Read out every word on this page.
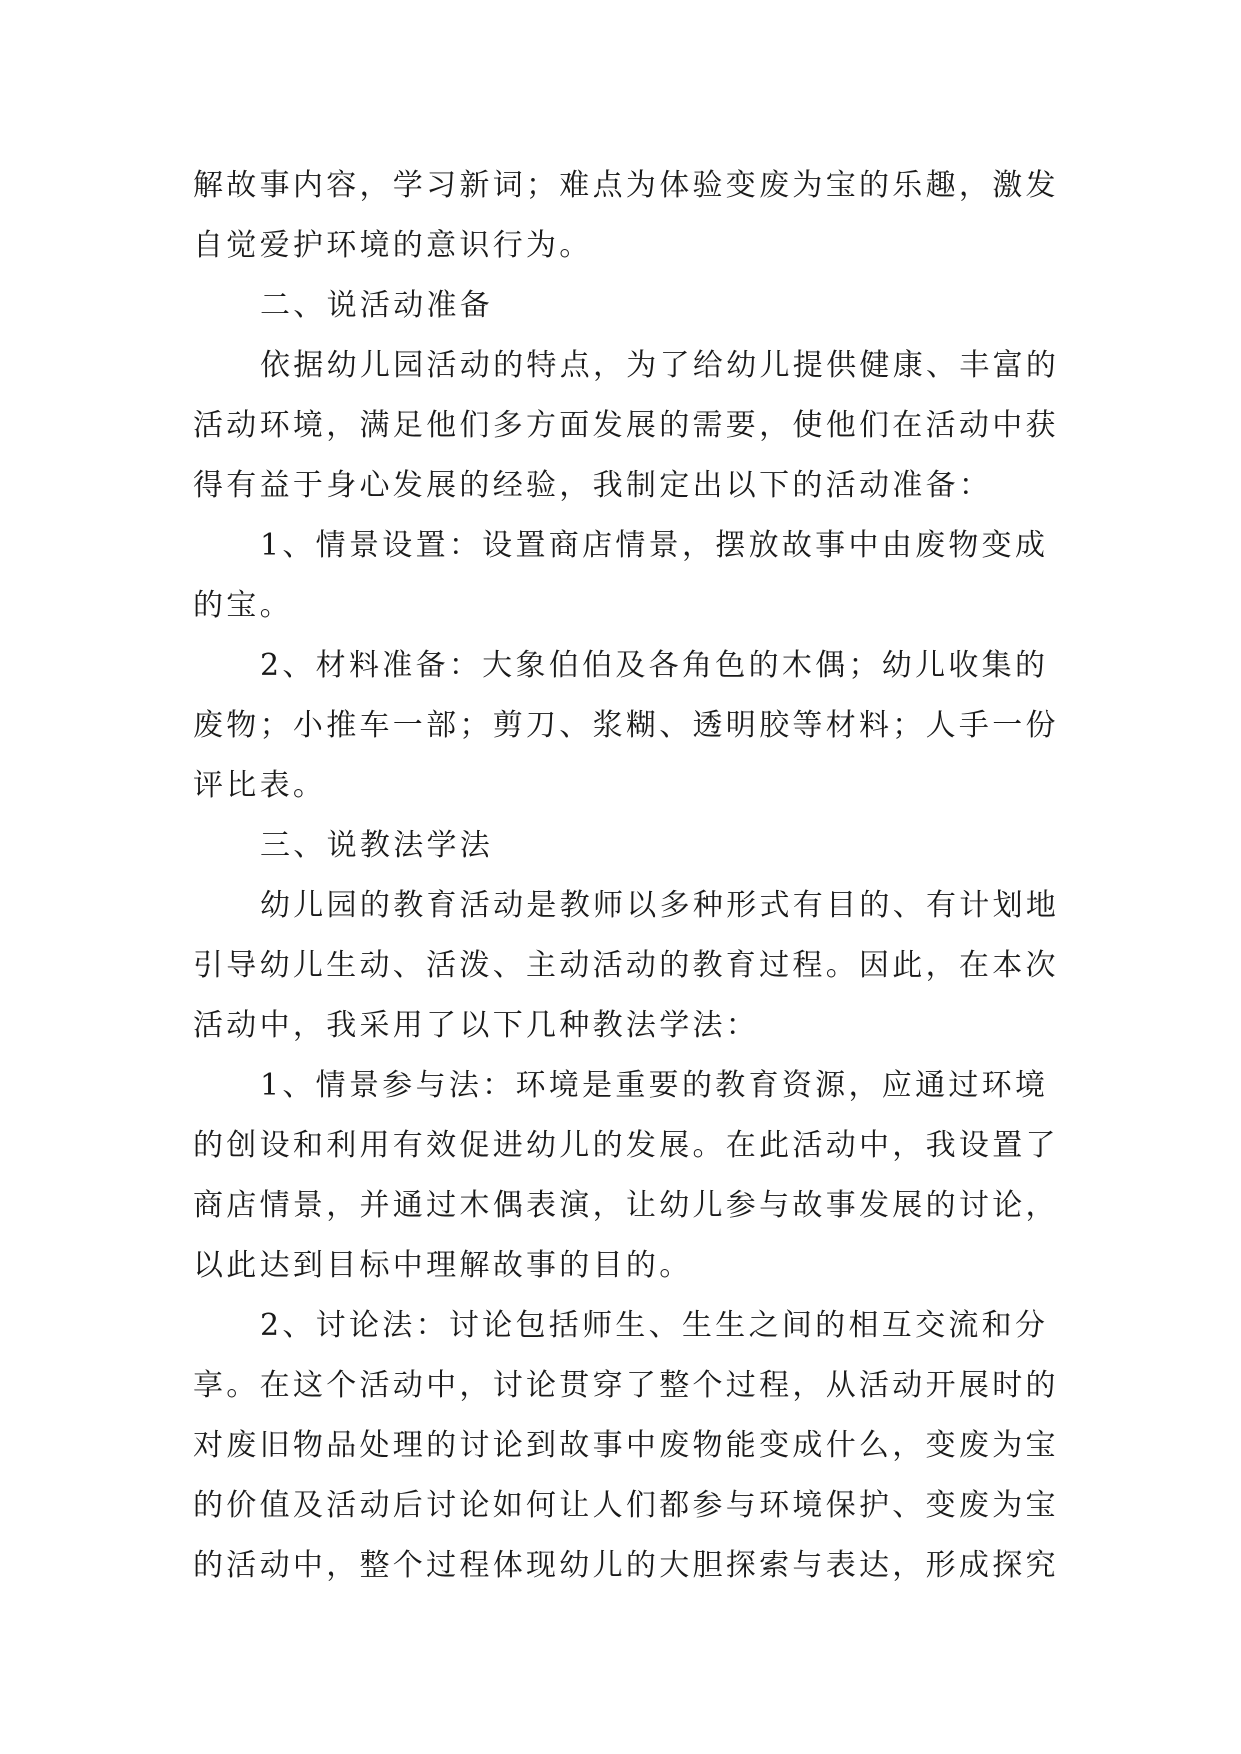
解故事内容，学习新词；难点为体验变废为宝的乐趣，激发
自觉爱护环境的意识行为。
二、说活动准备
依据幼儿园活动的特点，为了给幼儿提供健康、丰富的
活动环境，满足他们多方面发展的需要，使他们在活动中获
得有益于身心发展的经验，我制定出以下的活动准备：
1、情景设置：设置商店情景，摆放故事中由废物变成
的宝。
2、材料准备：大象伯伯及各角色的木偶；幼儿收集的
废物；小推车一部；剪刀、浆糊、透明胶等材料；人手一份
评比表。
三、说教法学法
幼儿园的教育活动是教师以多种形式有目的、有计划地
引导幼儿生动、活泼、主动活动的教育过程。因此，在本次
活动中，我采用了以下几种教法学法：
1、情景参与法：环境是重要的教育资源，应通过环境
的创设和利用有效促进幼儿的发展。在此活动中，我设置了
商店情景，并通过木偶表演，让幼儿参与故事发展的讨论，
以此达到目标中理解故事的目的。
2、讨论法：讨论包括师生、生生之间的相互交流和分
享。在这个活动中，讨论贯穿了整个过程，从活动开展时的
对废旧物品处理的讨论到故事中废物能变成什么，变废为宝
的价值及活动后讨论如何让人们都参与环境保护、变废为宝
的活动中，整个过程体现幼儿的大胆探索与表达，形成探究
